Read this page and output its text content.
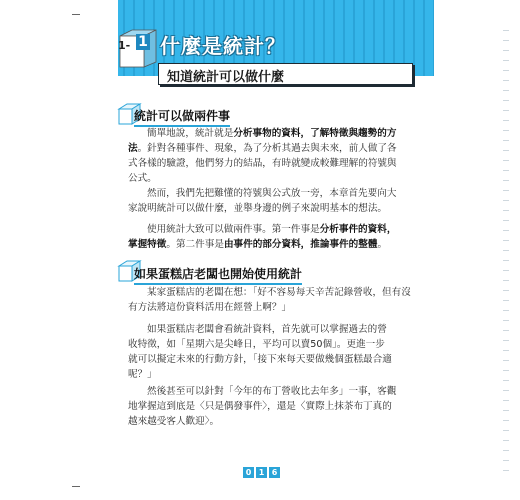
1- 1 什麼是統計？
知道統計可以做什麼
統計可以做兩件事
簡單地說，統計就是分析事物的資料，了解特徵與趨勢的方
法。針對各種事件、現象，為了分析其過去與未來，前人做了各
式各樣的驗證，他們努力的結晶，有時就變成較難理解的符號與
公式。
然而，我們先把難懂的符號與公式放一旁，本章首先要向大
家說明統計可以做什麼，並舉身邊的例子來說明基本的想法。
使用統計大致可以做兩件事。第一件事是分析事件的資料，
掌握特徵。第二件事是由事件的部分資料，推論事件的整體。
如果蛋糕店老闆也開始使用統計
某家蛋糕店的老闆在想：「好不容易每天辛苦記錄營收，但有沒
有方法將這份資料活用在經營上啊？」
如果蛋糕店老闆會看統計資料，首先就可以掌握過去的營
收特徵，如「星期六是尖峰日，平均可以賣50個」。更進一步
就可以擬定未來的行動方針，「接下來每天要做幾個蛋糕最合適
呢？」
然後甚至可以針對「今年的布丁營收比去年多」一事，客觀
地掌握這到底是〈只是偶發事件〉，還是〈實際上抹茶布丁真的
越來越受客人歡迎〉。
0 1 6
